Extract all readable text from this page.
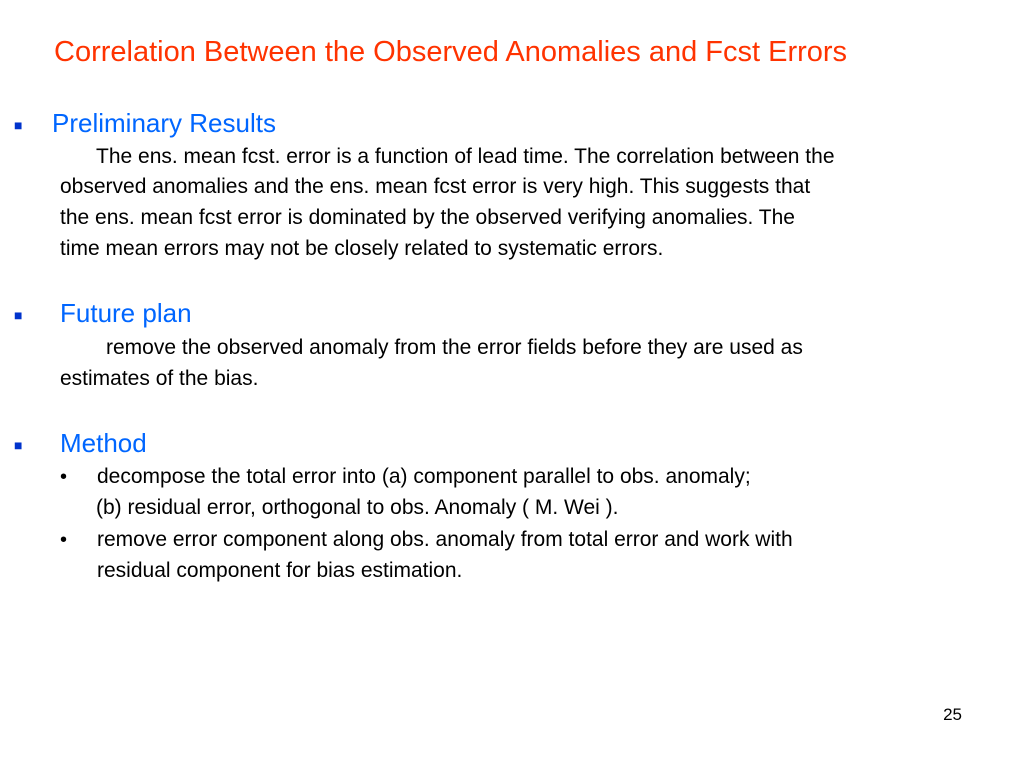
Correlation Between the Observed Anomalies and Fcst Errors
■ Preliminary Results
The ens. mean fcst. error is a function of lead time. The correlation between the
observed anomalies and the ens. mean fcst error is very high. This suggests that
the ens. mean fcst error is dominated by the observed verifying anomalies. The
time mean errors may not be closely related to systematic errors.
■ Future plan
remove the observed anomaly from the error fields before they are used as
estimates of the bias.
■ Method
• decompose the total error into (a) component parallel to obs. anomaly;
(b) residual error, orthogonal to obs. Anomaly ( M. Wei ).
• remove error component along obs. anomaly from total error and work with
residual component for bias estimation.
25
